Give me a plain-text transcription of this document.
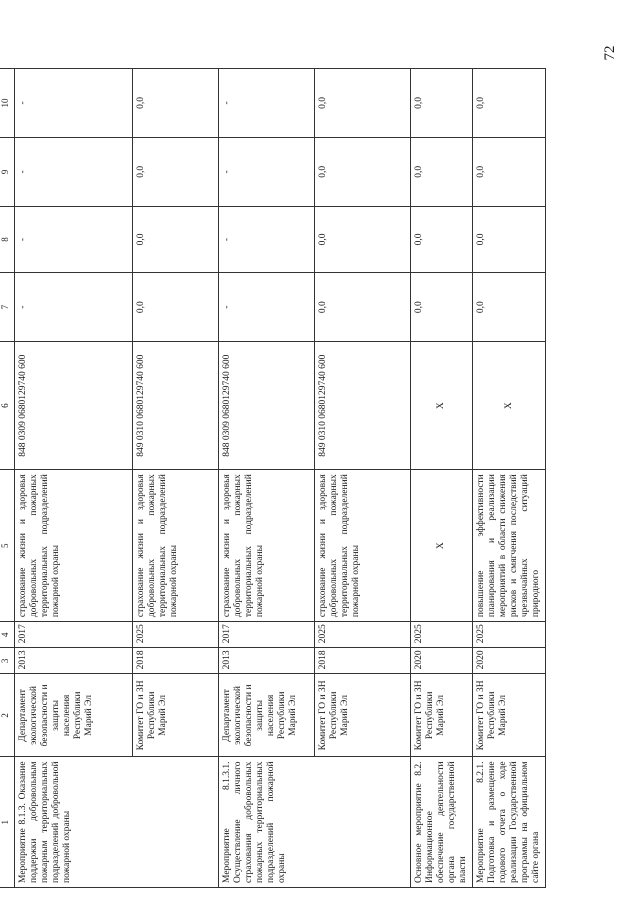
72
1	2	3	4	5	6	7	8	9	10
Мероприятие 8.1.3. Оказание поддержки добровольным пожарным территориальных подразделений добровольной пожарной охраны	Департамент экологической безопасности и защиты населения Республики Марий Эл	2013	2017	страхование жизни и здоровья добровольных пожарных территориальных подразделений пожарной охраны	848 0309 0680129740 600	-	-	-	-
	Комитет ГО и ЗН Республики Марий Эл	2018	2025	страхование жизни и здоровья добровольных пожарных территориальных подразделений пожарной охраны	849 0310 0680129740 600	0,0	0,0	0,0	0,0
Мероприятие 8.1.3.1. Осуществление личного страхования добровольных пожарных территориальных подразделений пожарной охраны	Департамент экологической безопасности и защиты населения Республики Марий Эл	2013	2017	страхование жизни и здоровья добровольных пожарных территориальных подразделений пожарной охраны	848 0309 0680129740 600	-	-	-	-
	Комитет ГО и ЗН Республики Марий Эл	2018	2025	страхование жизни и здоровья добровольных пожарных территориальных подразделений пожарной охраны	849 0310 0680129740 600	0,0	0,0	0,0	0,0
Основное мероприятие 8.2. Информационное обеспечение деятельности органа государственной власти	Комитет ГО и ЗН Республики Марий Эл	2020	2025	X	X	0,0	0,0	0,0	0,0
Мероприятие 8.2.1. Подготовка и размещение годового отчета о ходе реализации Государственной программы на официальном сайте органа	Комитет ГО и ЗН Республики Марий Эл	2020	2025	повышение эффективности планирования и реализации мероприятий в области снижения рисков и смягчения последствий чрезвычайных ситуаций природного	X	0,0	0,0	0,0	0,0
